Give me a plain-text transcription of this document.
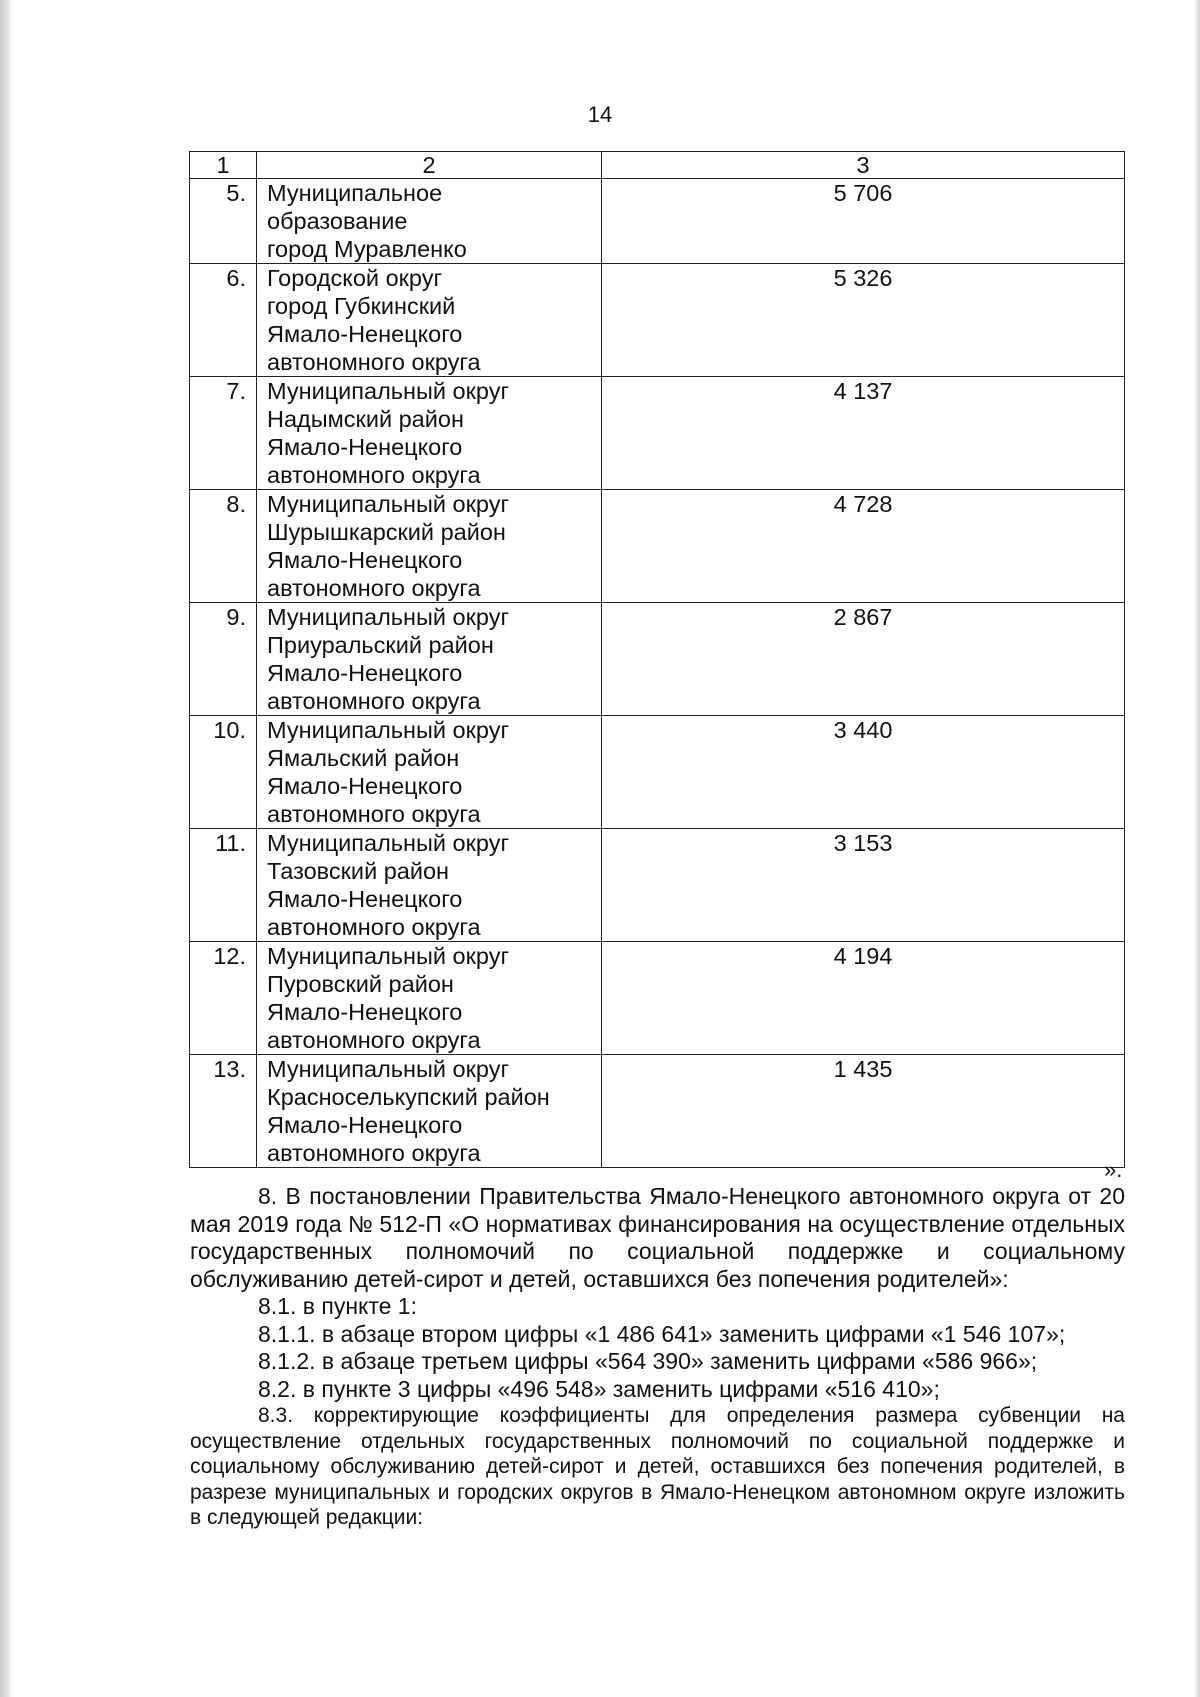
14
1	2	3
5.	Муниципальное
образование
город Муравленко	5 706
6.	Городской округ
город Губкинский
Ямало-Ненецкого
автономного округа	5 326
7.	Муниципальный округ
Надымский район
Ямало-Ненецкого
автономного округа	4 137
8.	Муниципальный округ
Шурышкарский район
Ямало-Ненецкого
автономного округа	4 728
9.	Муниципальный округ
Приуральский район
Ямало-Ненецкого
автономного округа	2 867
10.	Муниципальный округ
Ямальский район
Ямало-Ненецкого
автономного округа	3 440
11.	Муниципальный округ
Тазовский район
Ямало-Ненецкого
автономного округа	3 153
12.	Муниципальный округ
Пуровский район
Ямало-Ненецкого
автономного округа	4 194
13.	Муниципальный округ
Красноселькупский район
Ямало-Ненецкого
автономного округа	1 435
».

8. В постановлении Правительства Ямало-Ненецкого автономного округа от 20 мая 2019 года № 512-П «О нормативах финансирования на осуществление отдельных государственных полномочий по социальной поддержке и социальному обслуживанию детей-сирот и детей, оставшихся без попечения родителей»:

8.1. в пункте 1:

8.1.1. в абзаце втором цифры «1 486 641» заменить цифрами «1 546 107»;

8.1.2. в абзаце третьем цифры «564 390» заменить цифрами «586 966»;

8.2. в пункте 3 цифры «496 548» заменить цифрами «516 410»;

8.3. корректирующие коэффициенты для определения размера субвенции на осуществление отдельных государственных полномочий по социальной поддержке и социальному обслуживанию детей-сирот и детей, оставшихся без попечения родителей, в разрезе муниципальных и городских округов в Ямало-Ненецком автономном округе изложить в следующей редакции:
